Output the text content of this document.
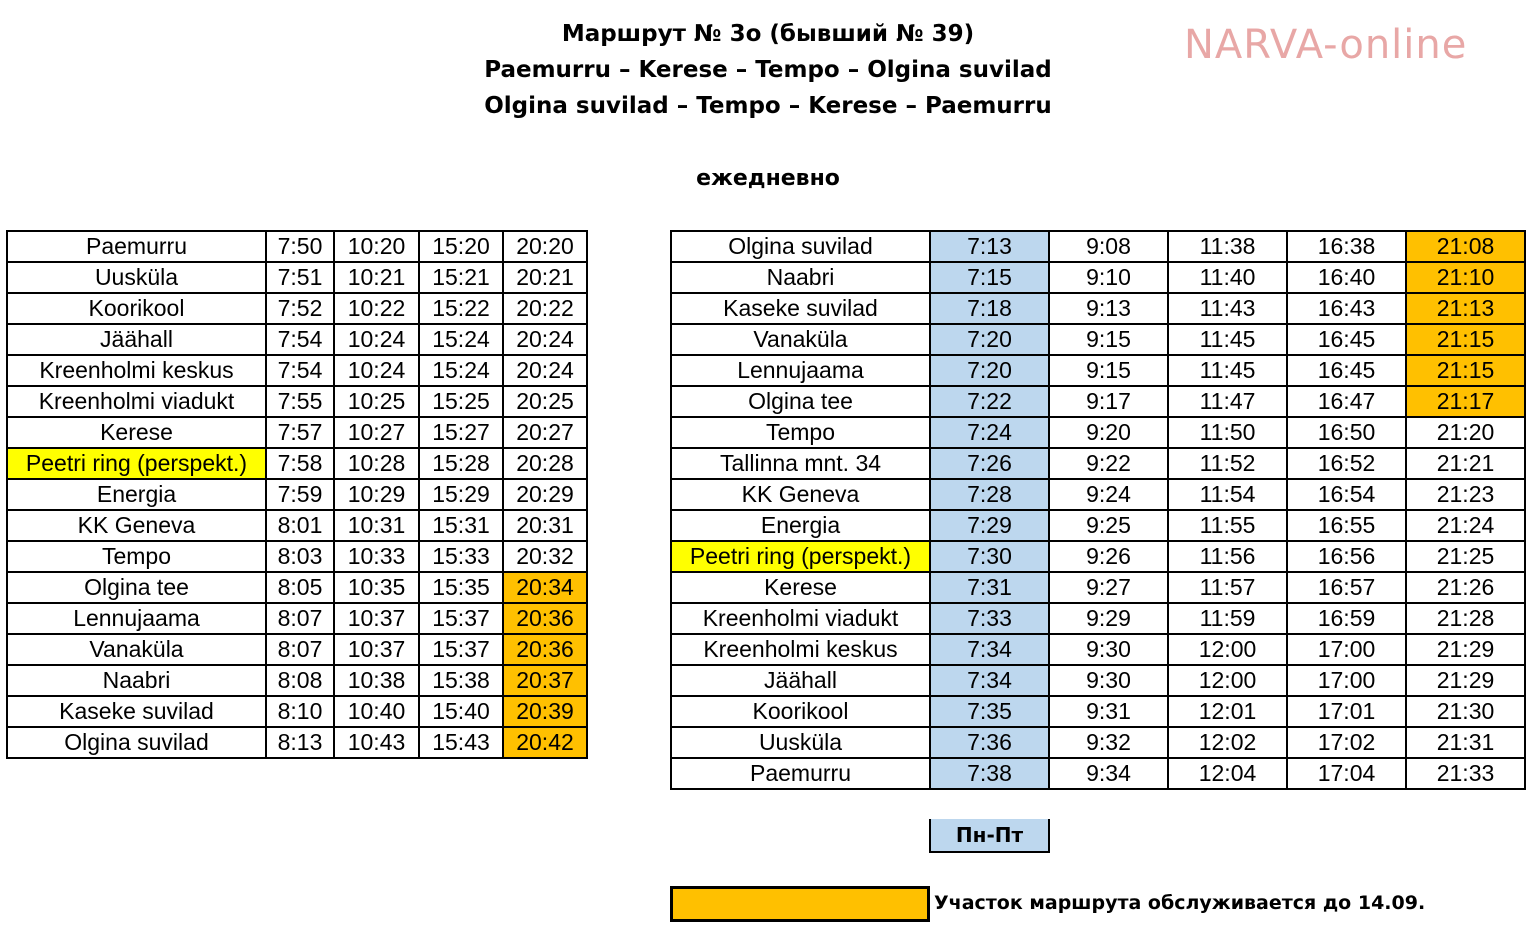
Маршрут № 3о (бывший № 39)
Paemurru – Kerese – Tempo – Olgina suvilad
Olgina suvilad – Tempo – Kerese – Paemurru
NARVA-online
ежедневно
Paemurru	7:50	10:20	15:20	20:20
Uusküla	7:51	10:21	15:21	20:21
Koorikool	7:52	10:22	15:22	20:22
Jäähall	7:54	10:24	15:24	20:24
Kreenholmi keskus	7:54	10:24	15:24	20:24
Kreenholmi viadukt	7:55	10:25	15:25	20:25
Kerese	7:57	10:27	15:27	20:27
Peetri ring (perspekt.)	7:58	10:28	15:28	20:28
Energia	7:59	10:29	15:29	20:29
KK Geneva	8:01	10:31	15:31	20:31
Tempo	8:03	10:33	15:33	20:32
Olgina tee	8:05	10:35	15:35	20:34
Lennujaama	8:07	10:37	15:37	20:36
Vanaküla	8:07	10:37	15:37	20:36
Naabri	8:08	10:38	15:38	20:37
Kaseke suvilad	8:10	10:40	15:40	20:39
Olgina suvilad	8:13	10:43	15:43	20:42
Olgina suvilad	7:13	9:08	11:38	16:38	21:08
Naabri	7:15	9:10	11:40	16:40	21:10
Kaseke suvilad	7:18	9:13	11:43	16:43	21:13
Vanaküla	7:20	9:15	11:45	16:45	21:15
Lennujaama	7:20	9:15	11:45	16:45	21:15
Olgina tee	7:22	9:17	11:47	16:47	21:17
Tempo	7:24	9:20	11:50	16:50	21:20
Tallinna mnt. 34	7:26	9:22	11:52	16:52	21:21
KK Geneva	7:28	9:24	11:54	16:54	21:23
Energia	7:29	9:25	11:55	16:55	21:24
Peetri ring (perspekt.)	7:30	9:26	11:56	16:56	21:25
Kerese	7:31	9:27	11:57	16:57	21:26
Kreenholmi viadukt	7:33	9:29	11:59	16:59	21:28
Kreenholmi keskus	7:34	9:30	12:00	17:00	21:29
Jäähall	7:34	9:30	12:00	17:00	21:29
Koorikool	7:35	9:31	12:01	17:01	21:30
Uusküla	7:36	9:32	12:02	17:02	21:31
Paemurru	7:38	9:34	12:04	17:04	21:33
Пн-Пт
Участок маршрута обслуживается до 14.09.
